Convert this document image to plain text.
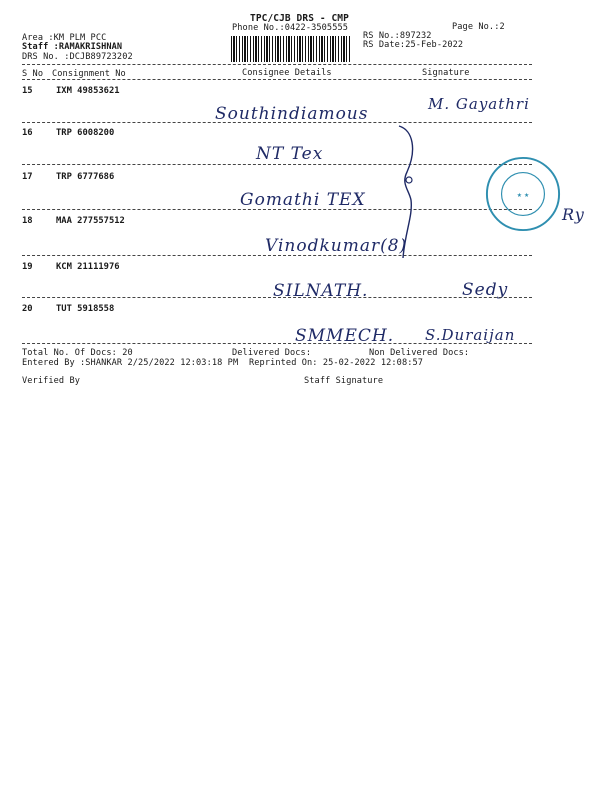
TPC/CJB DRS - CMP
Phone No.:0422-3505555	Page No.:2
Area :KM PLM PCC
Staff :RAMAKRISHNAN
DRS No. :DCJB89723202
RS No.:897232
RS Date:25-Feb-2022
S No Consignment No	Consignee Details	Signature
15	IXM 49853621
Southindiamous	M. Gayathri
16	TRP 6008200
NT Tex
17	TRP 6777686
Gomathi TEX
18	MAA 277557512
Vinodkumar(8)
19	KCM 21111976
SILNATH.	Sedy
20	TUT 5918558
SMMECH. S.Duraijan
★ ★
Ry
Total No. Of Docs: 20	Delivered Docs:	Non Delivered Docs:
Entered By :SHANKAR 2/25/2022 12:03:18 PM Reprinted On: 25-02-2022 12:08:57
Verified By	Staff Signature
